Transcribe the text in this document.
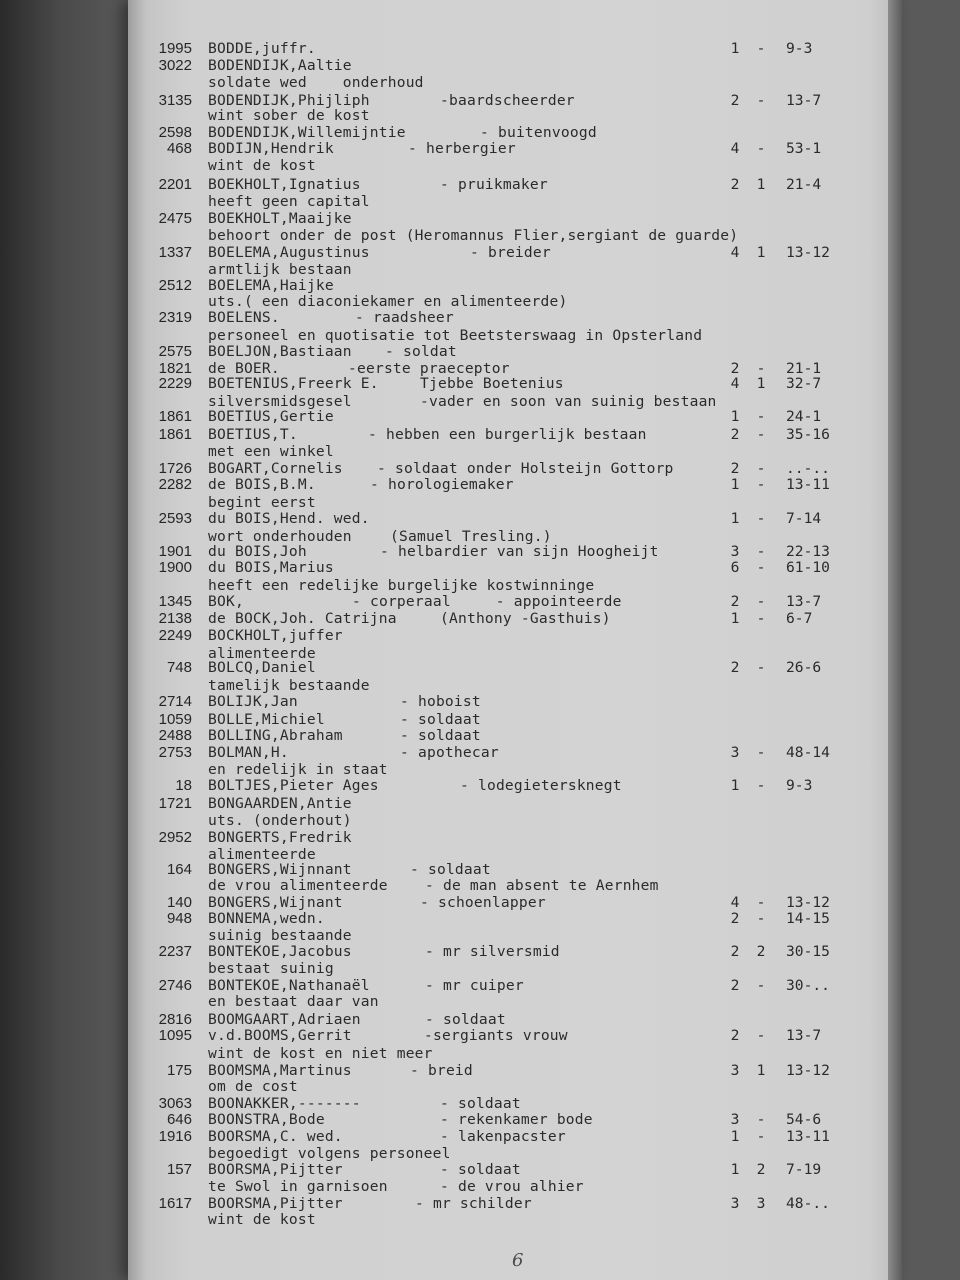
1995 BODDE,juffr.	1 - 9-3
3022 BODENDIJK,Aaltie
soldate wed    onderhoud
3135 BODENDIJK,Phijliph	-baardscheerder	2 - 13-7
wint sober de kost
2598 BODENDIJK,Willemijntie	- buitenvoogd
468 BODIJN,Hendrik	- herbergier	4 - 53-1
wint de kost
2201 BOEKHOLT,Ignatius	- pruikmaker	2 1 21-4
heeft geen capital
2475 BOEKHOLT,Maaijke
behoort onder de post (Heromannus Flier,sergiant de guarde)
1337 BOELEMA,Augustinus	- breider	4 1 13-12
armtlijk bestaan
2512 BOELEMA,Haijke
uts.( een diaconiekamer en alimenteerde)
2319 BOELENS.	- raadsheer
personeel en quotisatie tot Beetsterswaag in Opsterland
2575 BOELJON,Bastiaan - soldat
1821 de BOER.	-eerste praeceptor	2 - 21-1
2229 BOETENIUS,Freerk E.	Tjebbe Boetenius	4 1 32-7
silversmidsgesel	-vader en soon van suinig bestaan
1861 BOETIUS,Gertie	1 - 24-1
1861 BOETIUS,T.	- hebben een burgerlijk bestaan	2 - 35-16
met een winkel
1726 BOGART,Cornelis - soldaat onder Holsteijn Gottorp	2 - ..-..
2282 de BOIS,B.M.	- horologiemaker	1 - 13-11
begint eerst
2593 du BOIS,Hend. wed.	1 - 7-14
wort onderhouden	(Samuel Tresling.)
1901 du BOIS,Joh	- helbardier van sijn Hoogheijt	3 - 22-13
1900 du BOIS,Marius	6 - 61-10
heeft een redelijke burgelijke kostwinninge
1345 BOK,	- corperaal     - appointeerde	2 - 13-7
2138 de BOCK,Joh. Catrijna	(Anthony -Gasthuis)	1 - 6-7
2249 BOCKHOLT,juffer
alimenteerde
748 BOLCQ,Daniel	2 - 26-6
tamelijk bestaande
2714 BOLIJK,Jan	- hoboist
1059 BOLLE,Michiel	- soldaat
2488 BOLLING,Abraham	- soldaat
2753 BOLMAN,H.	- apothecar	3 - 48-14
en redelijk in staat
18 BOLTJES,Pieter Ages	- lodegietersknegt	1 - 9-3
1721 BONGAARDEN,Antie
uts. (onderhout)
2952 BONGERTS,Fredrik
alimenteerde
164 BONGERS,Wijnnant	- soldaat
de vrou alimenteerde	- de man absent te Aernhem
140 BONGERS,Wijnant	- schoenlapper	4 - 13-12
948 BONNEMA,wedn.	2 - 14-15
suinig bestaande
2237 BONTEKOE,Jacobus	- mr silversmid	2 2 30-15
bestaat suinig
2746 BONTEKOE,Nathanaël	- mr cuiper	2 - 30-..
en bestaat daar van
2816 BOOMGAART,Adriaen	- soldaat
1095 v.d.BOOMS,Gerrit	-sergiants vrouw	2 - 13-7
wint de kost en niet meer
175 BOOMSMA,Martinus	- breid	3 1 13-12
om de cost
3063 BOONAKKER,-------	- soldaat
646 BOONSTRA,Bode	- rekenkamer bode	3 - 54-6
1916 BOORSMA,C. wed.	- lakenpacster	1 - 13-11
begoedigt volgens personeel
157 BOORSMA,Pijtter	- soldaat	1 2 7-19
te Swol in garnisoen	- de vrou alhier
1617 BOORSMA,Pijtter	- mr schilder	3 3 48-..
wint de kost
6
